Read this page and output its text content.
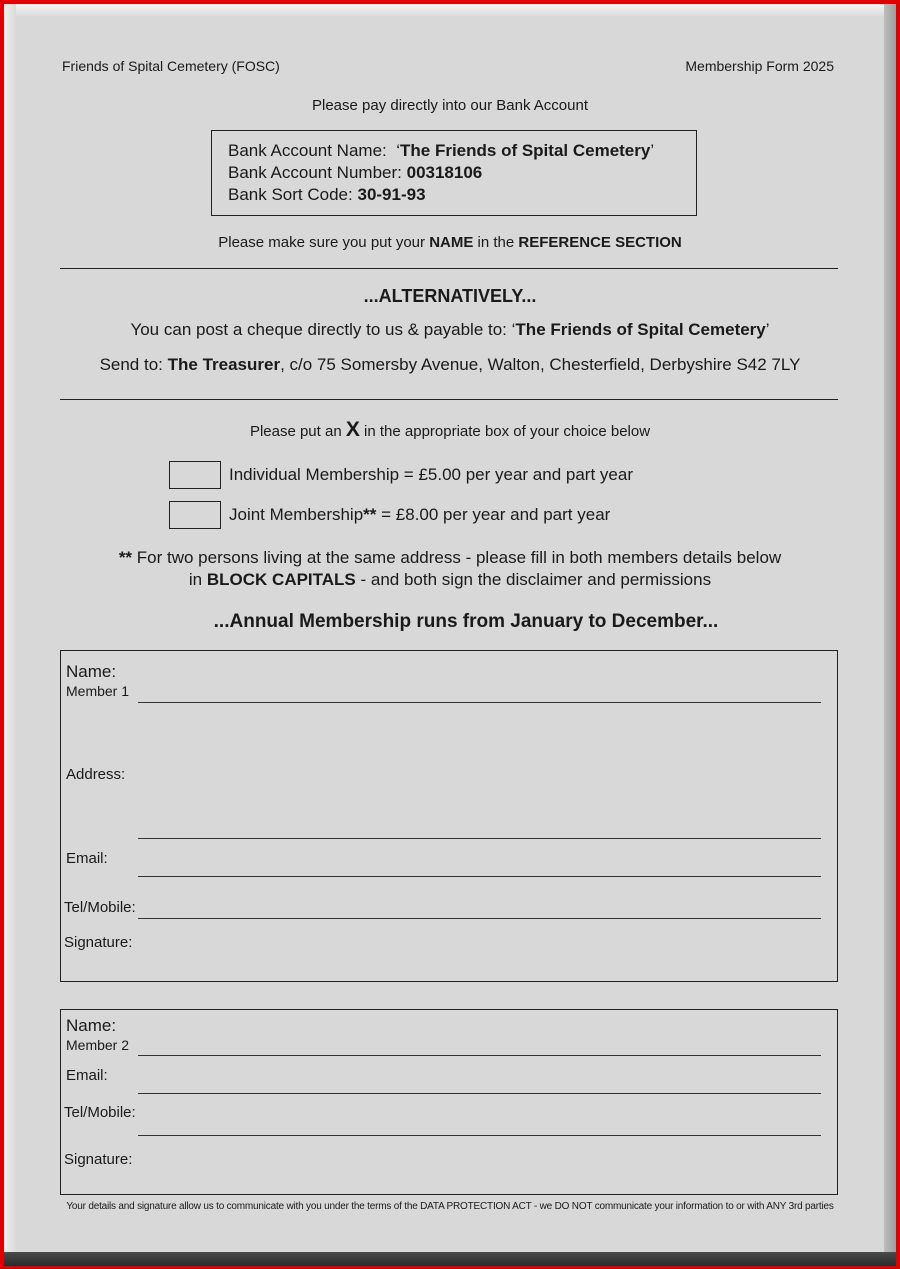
Friends of Spital Cemetery (FOSC)	Membership Form 2025
Please pay directly into our Bank Account
Bank Account Name:  ‘The Friends of Spital Cemetery’
Bank Account Number: 00318106
Bank Sort Code: 30-91-93
Please make sure you put your NAME in the REFERENCE SECTION
...ALTERNATIVELY...
You can post a cheque directly to us & payable to: ‘The Friends of Spital Cemetery’
Send to: The Treasurer, c/o 75 Somersby Avenue, Walton, Chesterfield, Derbyshire S42 7LY
Please put an X in the appropriate box of your choice below
Individual Membership = £5.00 per year and part year
Joint Membership** = £8.00 per year and part year
** For two persons living at the same address - please fill in both members details below
in BLOCK CAPITALS - and both sign the disclaimer and permissions
...Annual Membership runs from January to December...
Name:
Member 1
Address:
Email:
Tel/Mobile:
Signature:
Name:
Member 2
Email:
Tel/Mobile:
Signature:
Your details and signature allow us to communicate with you under the terms of the DATA PROTECTION ACT - we DO NOT communicate your information to or with ANY 3rd parties
